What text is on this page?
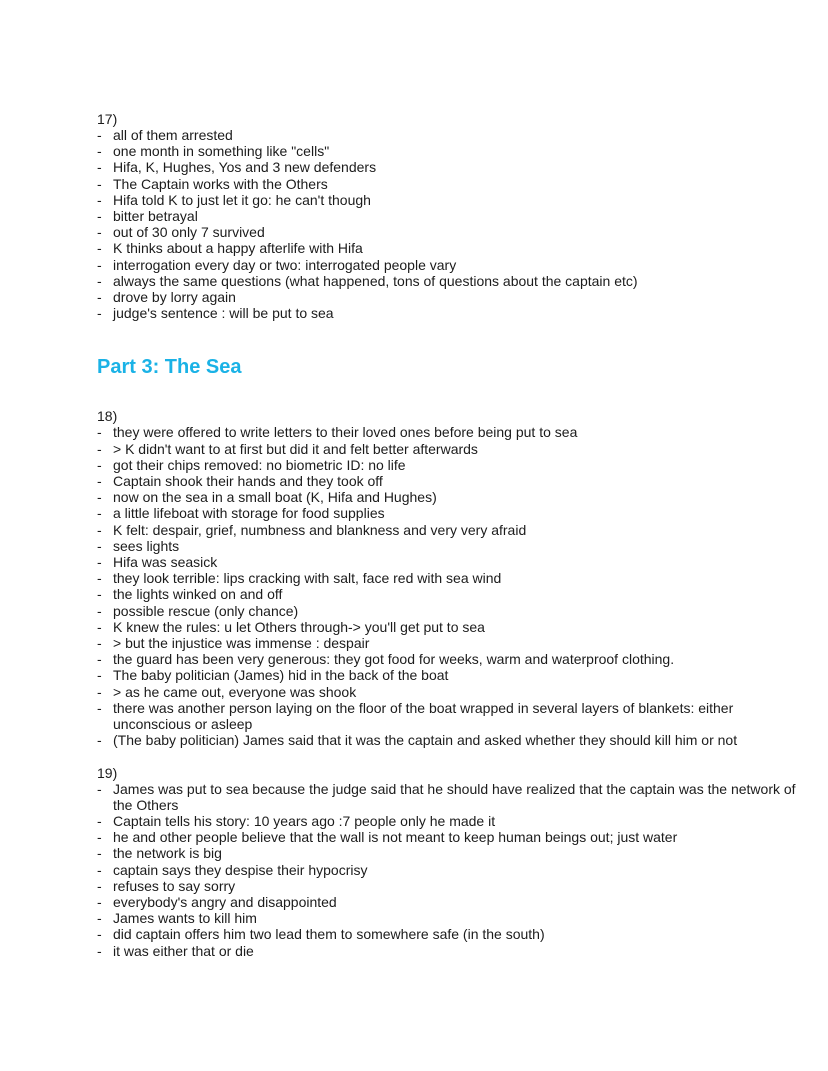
17)

- all of them arrested
- one month in something like "cells"
- Hifa, K, Hughes, Yos and 3 new defenders
- The Captain works with the Others
- Hifa told K to just let it go: he can't though
- bitter betrayal
- out of 30 only 7 survived
- K thinks about a happy afterlife with Hifa
- interrogation every day or two: interrogated people vary
- always the same questions (what happened, tons of questions about the captain etc)
- drove by lorry again
- judge's sentence : will be put to sea
Part 3: The Sea

18)

- they were offered to write letters to their loved ones before being put to sea
- > K didn't want to at first but did it and felt better afterwards
- got their chips removed: no biometric ID: no life
- Captain shook their hands and they took off
- now on the sea in a small boat (K, Hifa and Hughes)
- a little lifeboat with storage for food supplies
- K felt: despair, grief, numbness and blankness and very very afraid
- sees lights
- Hifa was seasick
- they look terrible: lips cracking with salt, face red with sea wind
- the lights winked on and off
- possible rescue (only chance)
- K knew the rules: u let Others through-> you'll get put to sea
- > but the injustice was immense : despair
- the guard has been very generous: they got food for weeks, warm and waterproof clothing.
- The baby politician (James) hid in the back of the boat
- > as he came out, everyone was shook
- there was another person laying on the floor of the boat wrapped in several layers of blankets: either unconscious or asleep
- (The baby politician) James said that it was the captain and asked whether they should kill him or not

19)

- James was put to sea because the judge said that he should have realized that the captain was the network of the Others
- Captain tells his story: 10 years ago :7 people only he made it
- he and other people believe that the wall is not meant to keep human beings out; just water
- the network is big
- captain says they despise their hypocrisy
- refuses to say sorry
- everybody's angry and disappointed
- James wants to kill him
- did captain offers him two lead them to somewhere safe (in the south)
- it was either that or die
